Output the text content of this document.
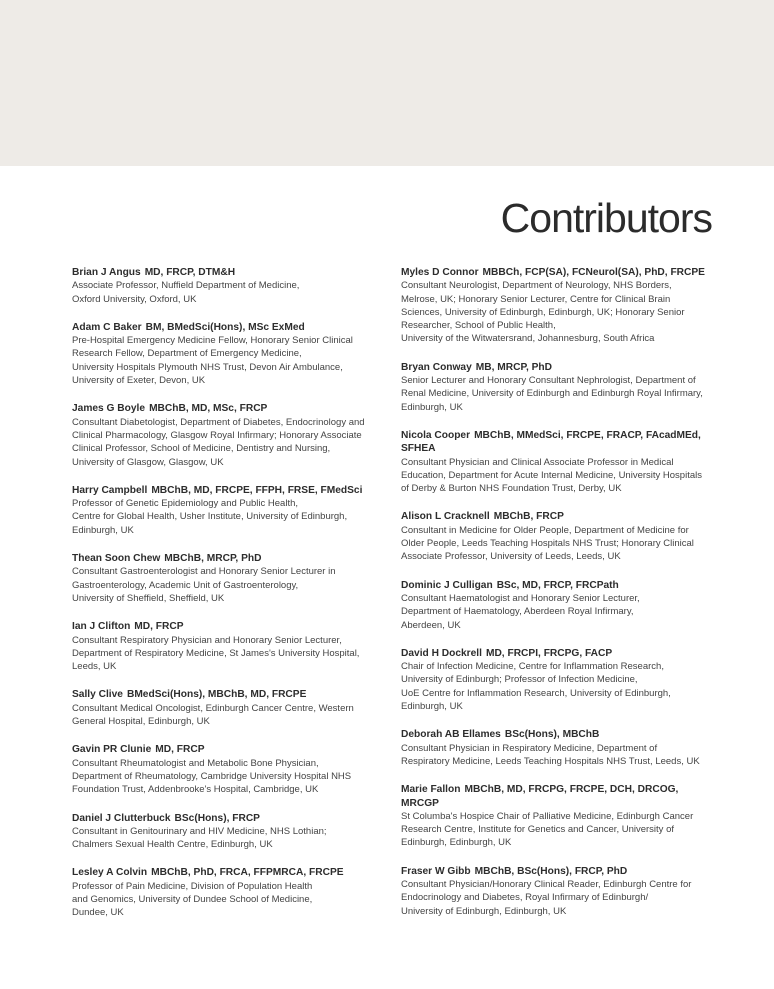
Contributors
Brian J Angus MD, FRCP, DTM&H
Associate Professor, Nuffield Department of Medicine,
Oxford University, Oxford, UK
Adam C Baker BM, BMedSci(Hons), MSc ExMed
Pre-Hospital Emergency Medicine Fellow, Honorary Senior Clinical
Research Fellow, Department of Emergency Medicine,
University Hospitals Plymouth NHS Trust, Devon Air Ambulance,
University of Exeter, Devon, UK
James G Boyle MBChB, MD, MSc, FRCP
Consultant Diabetologist, Department of Diabetes, Endocrinology and
Clinical Pharmacology, Glasgow Royal Infirmary; Honorary Associate
Clinical Professor, School of Medicine, Dentistry and Nursing,
University of Glasgow, Glasgow, UK
Harry Campbell MBChB, MD, FRCPE, FFPH, FRSE, FMedSci
Professor of Genetic Epidemiology and Public Health,
Centre for Global Health, Usher Institute, University of Edinburgh,
Edinburgh, UK
Thean Soon Chew MBChB, MRCP, PhD
Consultant Gastroenterologist and Honorary Senior Lecturer in
Gastroenterology, Academic Unit of Gastroenterology,
University of Sheffield, Sheffield, UK
Ian J Clifton MD, FRCP
Consultant Respiratory Physician and Honorary Senior Lecturer,
Department of Respiratory Medicine, St James's University Hospital,
Leeds, UK
Sally Clive BMedSci(Hons), MBChB, MD, FRCPE
Consultant Medical Oncologist, Edinburgh Cancer Centre, Western
General Hospital, Edinburgh, UK
Gavin PR Clunie MD, FRCP
Consultant Rheumatologist and Metabolic Bone Physician,
Department of Rheumatology, Cambridge University Hospital NHS
Foundation Trust, Addenbrooke's Hospital, Cambridge, UK
Daniel J Clutterbuck BSc(Hons), FRCP
Consultant in Genitourinary and HIV Medicine, NHS Lothian;
Chalmers Sexual Health Centre, Edinburgh, UK
Lesley A Colvin MBChB, PhD, FRCA, FFPMRCA, FRCPE
Professor of Pain Medicine, Division of Population Health
and Genomics, University of Dundee School of Medicine,
Dundee, UK
Myles D Connor MBBCh, FCP(SA), FCNeurol(SA), PhD, FRCPE
Consultant Neurologist, Department of Neurology, NHS Borders,
Melrose, UK; Honorary Senior Lecturer, Centre for Clinical Brain
Sciences, University of Edinburgh, Edinburgh, UK; Honorary Senior
Researcher, School of Public Health,
University of the Witwatersrand, Johannesburg, South Africa
Bryan Conway MB, MRCP, PhD
Senior Lecturer and Honorary Consultant Nephrologist, Department of
Renal Medicine, University of Edinburgh and Edinburgh Royal Infirmary,
Edinburgh, UK
Nicola Cooper MBChB, MMedSci, FRCPE, FRACP, FAcadMEd,
SFHEA
Consultant Physician and Clinical Associate Professor in Medical
Education, Department for Acute Internal Medicine, University Hospitals
of Derby & Burton NHS Foundation Trust, Derby, UK
Alison L Cracknell MBChB, FRCP
Consultant in Medicine for Older People, Department of Medicine for
Older People, Leeds Teaching Hospitals NHS Trust; Honorary Clinical
Associate Professor, University of Leeds, Leeds, UK
Dominic J Culligan BSc, MD, FRCP, FRCPath
Consultant Haematologist and Honorary Senior Lecturer,
Department of Haematology, Aberdeen Royal Infirmary,
Aberdeen, UK
David H Dockrell MD, FRCPI, FRCPG, FACP
Chair of Infection Medicine, Centre for Inflammation Research,
University of Edinburgh; Professor of Infection Medicine,
UoE Centre for Inflammation Research, University of Edinburgh,
Edinburgh, UK
Deborah AB Ellames BSc(Hons), MBChB
Consultant Physician in Respiratory Medicine, Department of
Respiratory Medicine, Leeds Teaching Hospitals NHS Trust, Leeds, UK
Marie Fallon MBChB, MD, FRCPG, FRCPE, DCH, DRCOG,
MRCGP
St Columba's Hospice Chair of Palliative Medicine, Edinburgh Cancer
Research Centre, Institute for Genetics and Cancer, University of
Edinburgh, Edinburgh, UK
Fraser W Gibb MBChB, BSc(Hons), FRCP, PhD
Consultant Physician/Honorary Clinical Reader, Edinburgh Centre for
Endocrinology and Diabetes, Royal Infirmary of Edinburgh/
University of Edinburgh, Edinburgh, UK
